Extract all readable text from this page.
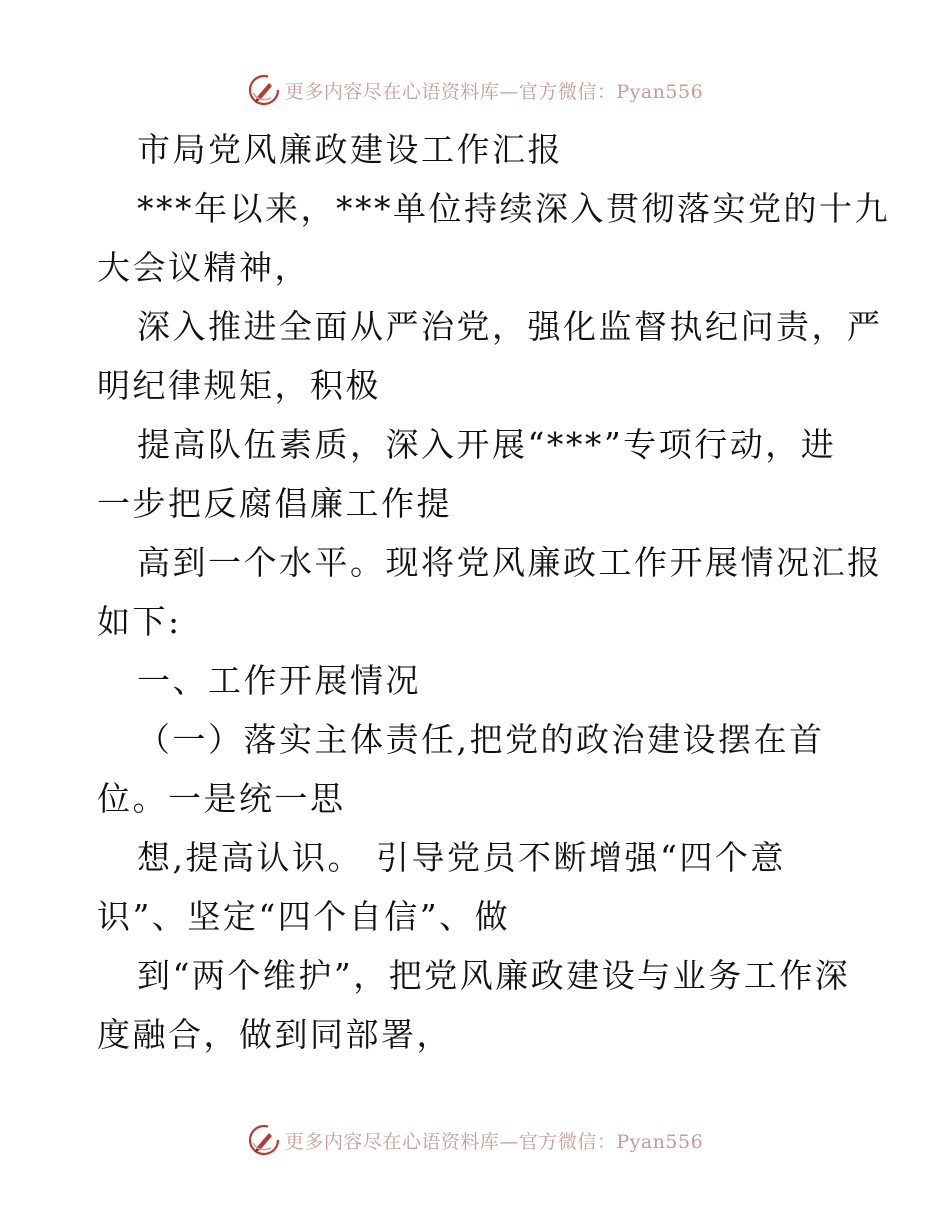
更多内容尽在心语资料库—官方微信：Pyan556
市局党风廉政建设工作汇报
***年以来，***单位持续深入贯彻落实党的十九
大会议精神，
深入推进全面从严治党，强化监督执纪问责，严
明纪律规矩，积极
提高队伍素质，深入开展“***”专项行动，进
一步把反腐倡廉工作提
高到一个水平。现将党风廉政工作开展情况汇报
如下:
一、工作开展情况
（一）落实主体责任,把党的政治建设摆在首
位。一是统一思
想,提高认识。 引导党员不断增强“四个意
识”、坚定“四个自信”、做
到“两个维护”，把党风廉政建设与业务工作深
度融合，做到同部署，
更多内容尽在心语资料库—官方微信：Pyan556
